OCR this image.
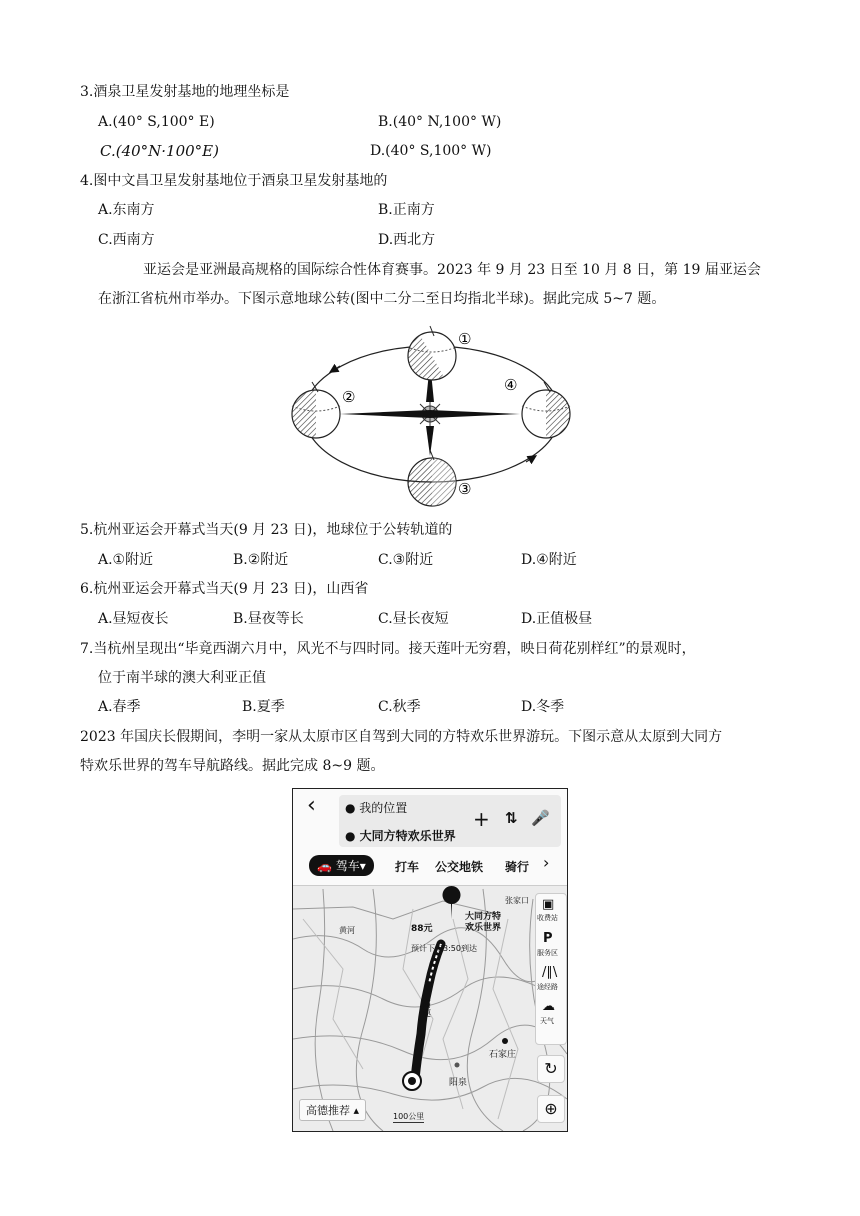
3.酒泉卫星发射基地的地理坐标是
A.(40° S,100° E)	B.(40° N,100° W)
C.(40°N·100°E)	D.(40° S,100° W)
4.图中文昌卫星发射基地位于酒泉卫星发射基地的
A.东南方	B.正南方
C.西南方	D.西北方
亚运会是亚洲最高规格的国际综合性体育赛事。2023 年 9 月 23 日至 10 月 8 日，第 19 届亚运会
在浙江省杭州市举办。下图示意地球公转(图中二分二至日均指北半球)。据此完成 5~7 题。
①
②
③
④
5.杭州亚运会开幕式当天(9 月 23 日)，地球位于公转轨道的
A.①附近	B.②附近	C.③附近	D.④附近
6.杭州亚运会开幕式当天(9 月 23 日)，山西省
A.昼短夜长	B.昼夜等长	C.昼长夜短	D.正值极昼
7.当杭州呈现出“毕竟西湖六月中，风光不与四时同。接天莲叶无穷碧，映日荷花别样红”的景观时，
位于南半球的澳大利亚正值
A.春季	B.夏季	C.秋季	D.冬季
2023 年国庆长假期间，李明一家从太原市区自驾到大同的方特欢乐世界游玩。下图示意从太原到大同方
特欢乐世界的驾车导航路线。据此完成 8~9 题。
‹ ● 我的位置
● 大同方特欢乐世界
+ ⇅ 🎤
🚗 驾车▾	打车 公交地铁 骑行 ›
张家口
黄河
石家庄
阳泉
88元
大同方特
欢乐世界
预计下午3:50到达
高速
▣
收费站
P
服务区
/∥\
途经路
☁
天气
↻
⊕
高德推荐 ▴	100公里
